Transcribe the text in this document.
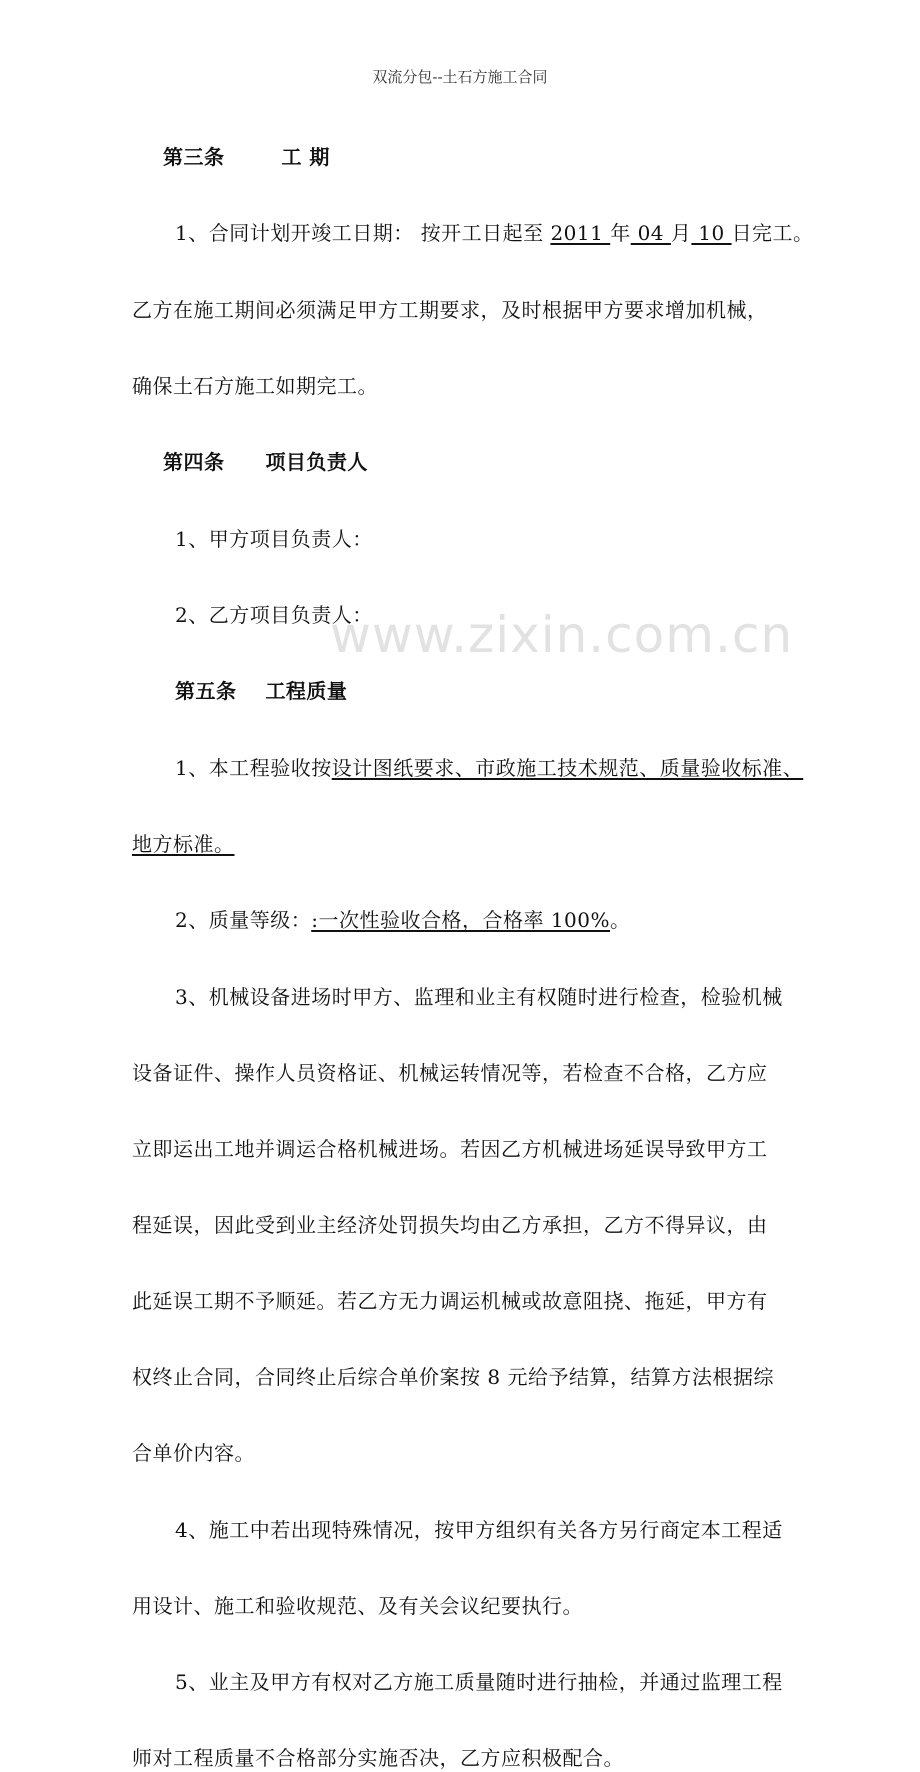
双流分包--土石方施工合同
www.zixin.com.cn
第三条	工 期
1、合同计划开竣工日期： 按开工日起至 2011 年 04 月 10 日完工。
乙方在施工期间必须满足甲方工期要求，及时根据甲方要求增加机械，
确保土石方施工如期完工。
第四条 项目负责人
1、甲方项目负责人：
2、乙方项目负责人：
第五条 工程质量
1、本工程验收按设计图纸要求、市政施工技术规范、质量验收标准、
地方标准。
2、质量等级：:一次性验收合格，合格率 100%。
3、机械设备进场时甲方、监理和业主有权随时进行检查，检验机械
设备证件、操作人员资格证、机械运转情况等，若检查不合格，乙方应
立即运出工地并调运合格机械进场。若因乙方机械进场延误导致甲方工
程延误，因此受到业主经济处罚损失均由乙方承担，乙方不得异议，由
此延误工期不予顺延。若乙方无力调运机械或故意阻挠、拖延，甲方有
权终止合同，合同终止后综合单价案按 8 元给予结算，结算方法根据综
合单价内容。
4、施工中若出现特殊情况，按甲方组织有关各方另行商定本工程适
用设计、施工和验收规范、及有关会议纪要执行。
5、业主及甲方有权对乙方施工质量随时进行抽检，并通过监理工程
师对工程质量不合格部分实施否决，乙方应积极配合。
